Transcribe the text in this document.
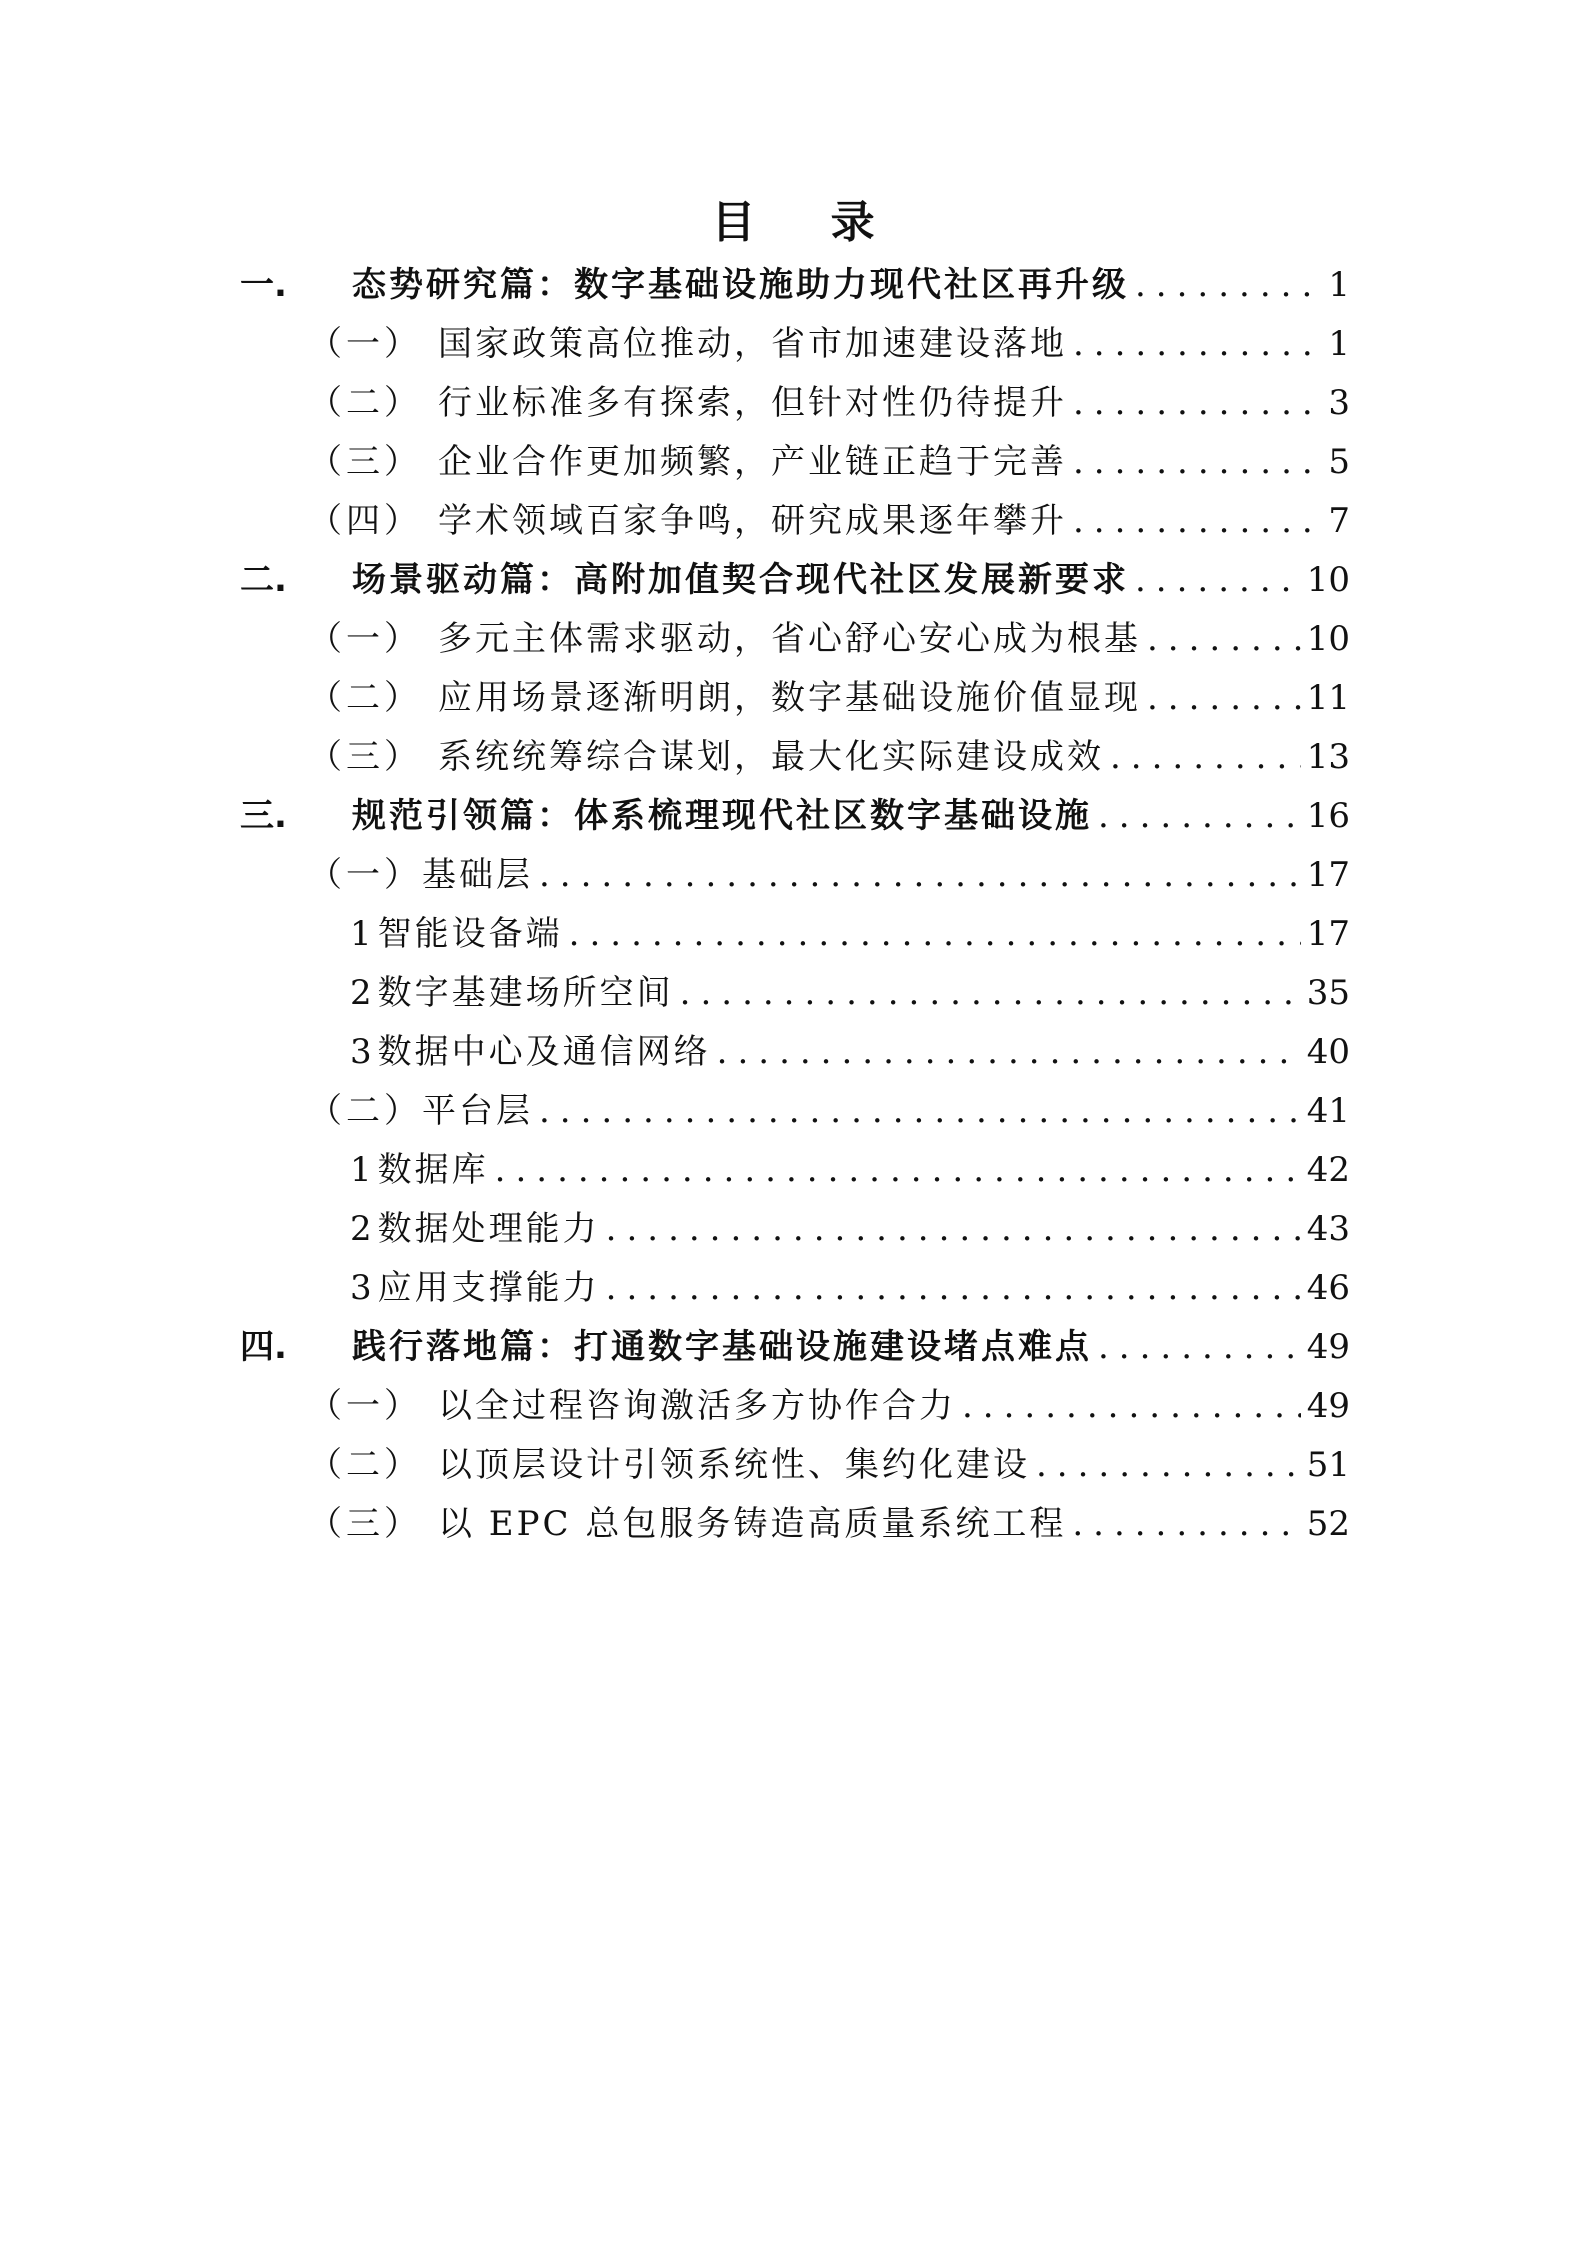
目 录
一.	态势研究篇：数字基础设施助力现代社区再升级 .....	1
（一） 国家政策高位推动，省市加速建设落地 .....	1
（二） 行业标准多有探索，但针对性仍待提升 .....	3
（三） 企业合作更加频繁，产业链正趋于完善 .....	5
（四） 学术领域百家争鸣，研究成果逐年攀升 .....	7
二.	场景驱动篇：高附加值契合现代社区发展新要求 .....	10
（一） 多元主体需求驱动，省心舒心安心成为根基 .....	10
（二） 应用场景逐渐明朗，数字基础设施价值显现 .....	11
（三） 系统统筹综合谋划，最大化实际建设成效 .....	13
三.	规范引领篇：体系梳理现代社区数字基础设施 .....	16
（一） 基础层 .....	17
1 智能设备端 .....	17
2 数字基建场所空间 .....	35
3 数据中心及通信网络 .....	40
（二） 平台层 .....	41
1 数据库 .....	42
2 数据处理能力 .....	43
3 应用支撑能力 .....	46
四.	践行落地篇：打通数字基础设施建设堵点难点 .....	49
（一） 以全过程咨询激活多方协作合力 .....	49
（二） 以顶层设计引领系统性、集约化建设 .....	51
（三） 以 EPC 总包服务铸造高质量系统工程 .....	52
